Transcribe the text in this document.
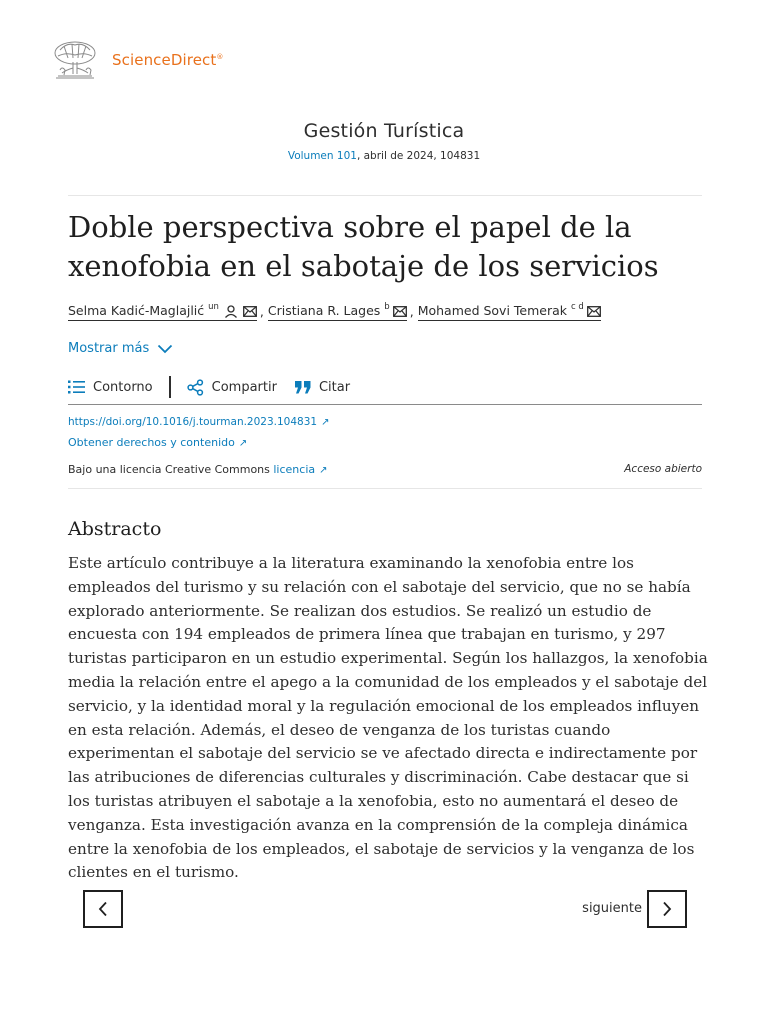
ScienceDirect®
Gestión Turística
Volumen 101, abril de 2024, 104831
Doble perspectiva sobre el papel de la xenofobia en el sabotaje de los servicios
Selma Kadić-Maglajlić $^{un}$	, Cristiana R. Lages $^b$ , Mohamed Sovi Temerak $^{c d}$
Mostrar más
Contorno	Compartir	Citar
https://doi.org/10.1016/j.tourman.2023.104831 ↗
Obtener derechos y contenido ↗
Bajo una licencia Creative Commons licencia ↗	Acceso abierto
Abstracto

Este artículo contribuye a la literatura examinando la xenofobia entre los empleados del turismo y su relación con el sabotaje del servicio, que no se había explorado anteriormente. Se realizan dos estudios. Se realizó un estudio de encuesta con 194 empleados de primera línea que trabajan en turismo, y 297 turistas participaron en un estudio experimental. Según los hallazgos, la xenofobia media la relación entre el apego a la comunidad de los empleados y el sabotaje del servicio, y la identidad moral y la regulación emocional de los empleados influyen en esta relación. Además, el deseo de venganza de los turistas cuando experimentan el sabotaje del servicio se ve afectado directa e indirectamente por las atribuciones de diferencias culturales y discriminación. Cabe destacar que si los turistas atribuyen el sabotaje a la xenofobia, esto no aumentará el deseo de venganza. Esta investigación avanza en la comprensión de la compleja dinámica entre la xenofobia de los empleados, el sabotaje de servicios y la venganza de los clientes en el turismo.

siguiente
